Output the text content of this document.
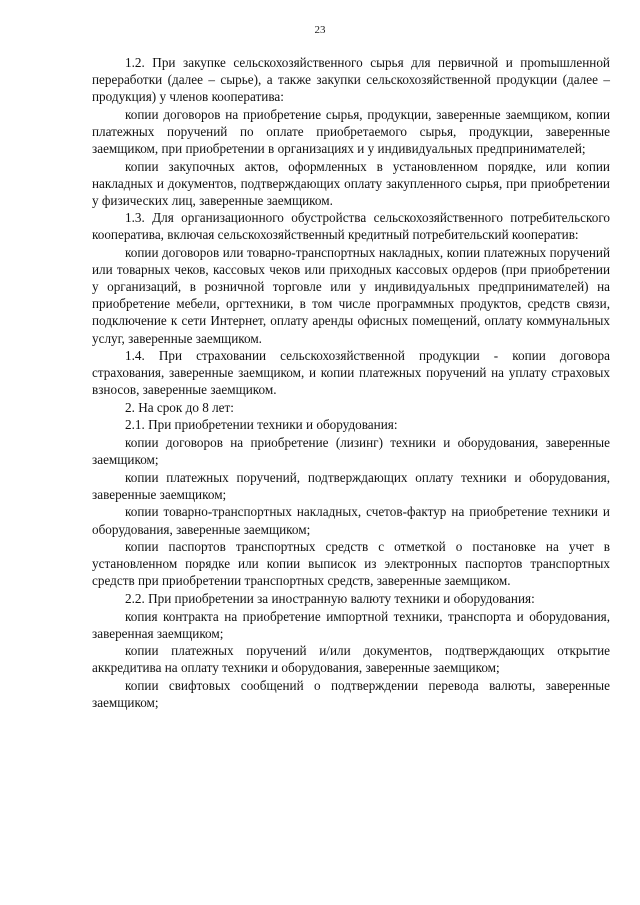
23

1.2. При закупке сельскохозяйственного сырья для первичной и проmышленной переработки (далее – сырье), а также закупки сельскохозяйственной продукции (далее – продукция) у членов кооператива:

копии договоров на приобретение сырья, продукции, заверенные заемщиком, копии платежных поручений по оплате приобретаемого сырья, продукции, заверенные заемщиком, при приобретении в организациях и у индивидуальных предпринимателей;

копии закупочных актов, оформленных в установленном порядке, или копии накладных и документов, подтверждающих оплату закупленного сырья, при приобретении у физических лиц, заверенные заемщиком.

1.3. Для организационного обустройства сельскохозяйственного потребительского кооператива, включая сельскохозяйственный кредитный потребительский кооператив:

копии договоров или товарно-транспортных накладных, копии платежных поручений или товарных чеков, кассовых чеков или приходных кассовых ордеров (при приобретении у организаций, в розничной торговле или у индивидуальных предпринимателей) на приобретение мебели, оргтехники, в том числе программных продуктов, средств связи, подключение к сети Интернет, оплату аренды офисных помещений, оплату коммунальных услуг, заверенные заемщиком.

1.4. При страховании сельскохозяйственной продукции - копии договора страхования, заверенные заемщиком, и копии платежных поручений на уплату страховых взносов, заверенные заемщиком.

2. На срок до 8 лет:

2.1. При приобретении техники и оборудования:

копии договоров на приобретение (лизинг) техники и оборудования, заверенные заемщиком;

копии платежных поручений, подтверждающих оплату техники и оборудования, заверенные заемщиком;

копии товарно-транспортных накладных, счетов-фактур на приобретение техники и оборудования, заверенные заемщиком;

копии паспортов транспортных средств с отметкой о постановке на учет в установленном порядке или копии выписок из электронных паспортов транспортных средств при приобретении транспортных средств, заверенные заемщиком.

2.2. При приобретении за иностранную валюту техники и оборудования:

копия контракта на приобретение импортной техники, транспорта и оборудования, заверенная заемщиком;

копии платежных поручений и/или документов, подтверждающих открытие аккредитива на оплату техники и оборудования, заверенные заемщиком;

копии свифтовых сообщений о подтверждении перевода валюты, заверенные заемщиком;
